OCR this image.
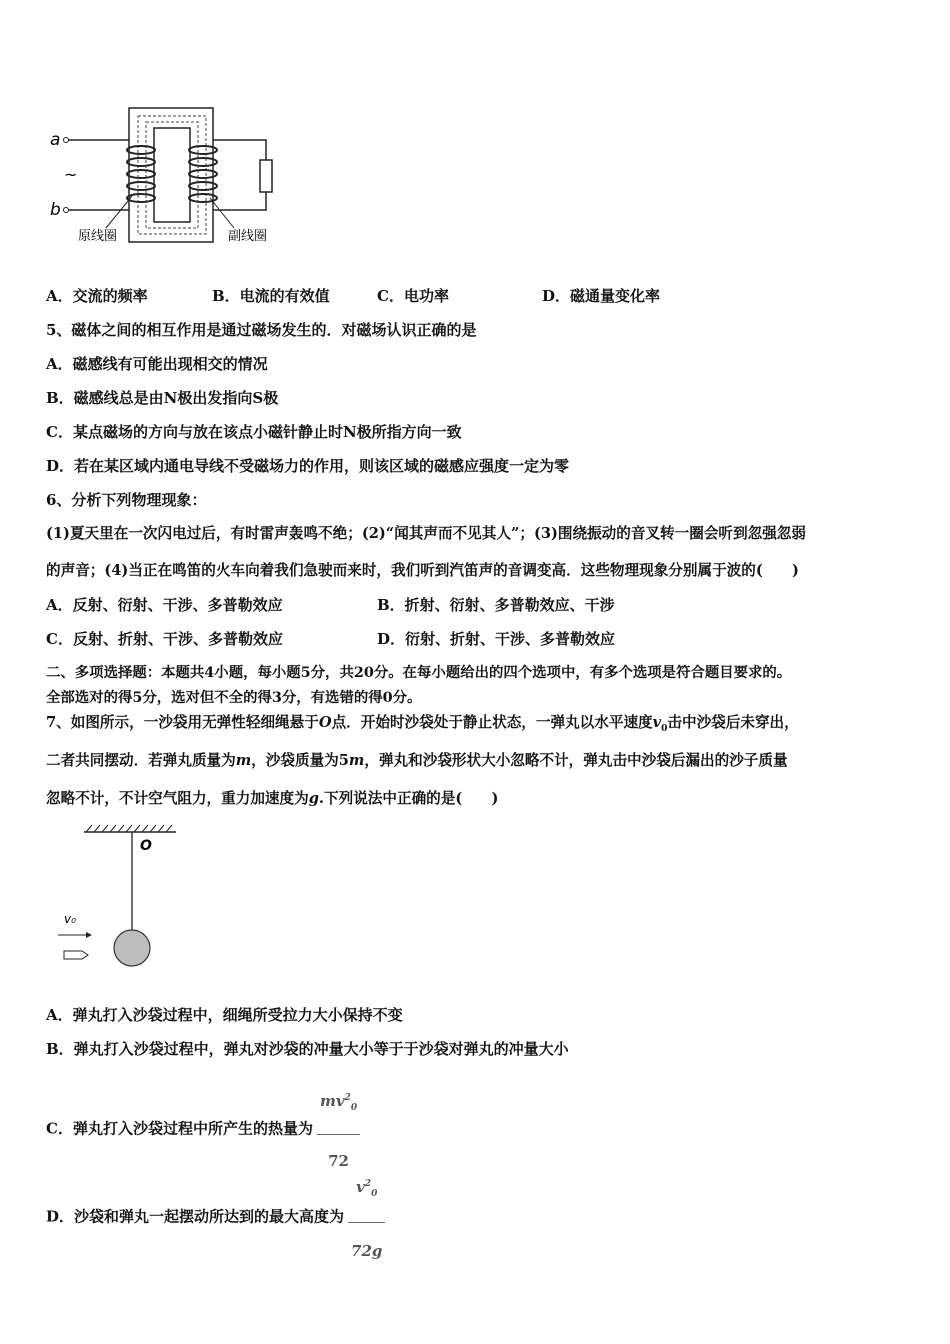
a
b
~
原线圈	副线圈
A．交流的频率	B．电流的有效值	C．电功率	D．磁通量变化率
5、磁体之间的相互作用是通过磁场发生的．对磁场认识正确的是
A．磁感线有可能出现相交的情况
B．磁感线总是由N极出发指向S极
C．某点磁场的方向与放在该点小磁针静止时N极所指方向一致
D．若在某区域内通电导线不受磁场力的作用，则该区域的磁感应强度一定为零
6、分析下列物理现象：
(1)夏天里在一次闪电过后，有时雷声轰鸣不绝；(2)“闻其声而不见其人”；(3)围绕振动的音叉转一圈会听到忽强忽弱
的声音；(4)当正在鸣笛的火车向着我们急驶而来时，我们听到汽笛声的音调变高．这些物理现象分别属于波的(　　)
A．反射、衍射、干涉、多普勒效应	B．折射、衍射、多普勒效应、干涉
C．反射、折射、干涉、多普勒效应	D．衍射、折射、干涉、多普勒效应
二、多项选择题：本题共4小题，每小题5分，共20分。在每小题给出的四个选项中，有多个选项是符合题目要求的。
全部选对的得5分，选对但不全的得3分，有选错的得0分。
7、如图所示，一沙袋用无弹性轻细绳悬于O点．开始时沙袋处于静止状态，一弹丸以水平速度$v_0$击中沙袋后未穿出，
二者共同摆动．若弹丸质量为m，沙袋质量为5m，弹丸和沙袋形状大小忽略不计，弹丸击中沙袋后漏出的沙子质量
忽略不计，不计空气阻力，重力加速度为g.下列说法中正确的是(　　)
O
v₀
A．弹丸打入沙袋过程中，细绳所受拉力大小保持不变
B．弹丸打入沙袋过程中，弹丸对沙袋的冲量大小等于于沙袋对弹丸的冲量大小
C．弹丸打入沙袋过程中所产生的热量为 $\frac{mv^2_0}{72}$
D．沙袋和弹丸一起摆动所达到的最大高度为 $\frac{v^2_0}{72g}$
